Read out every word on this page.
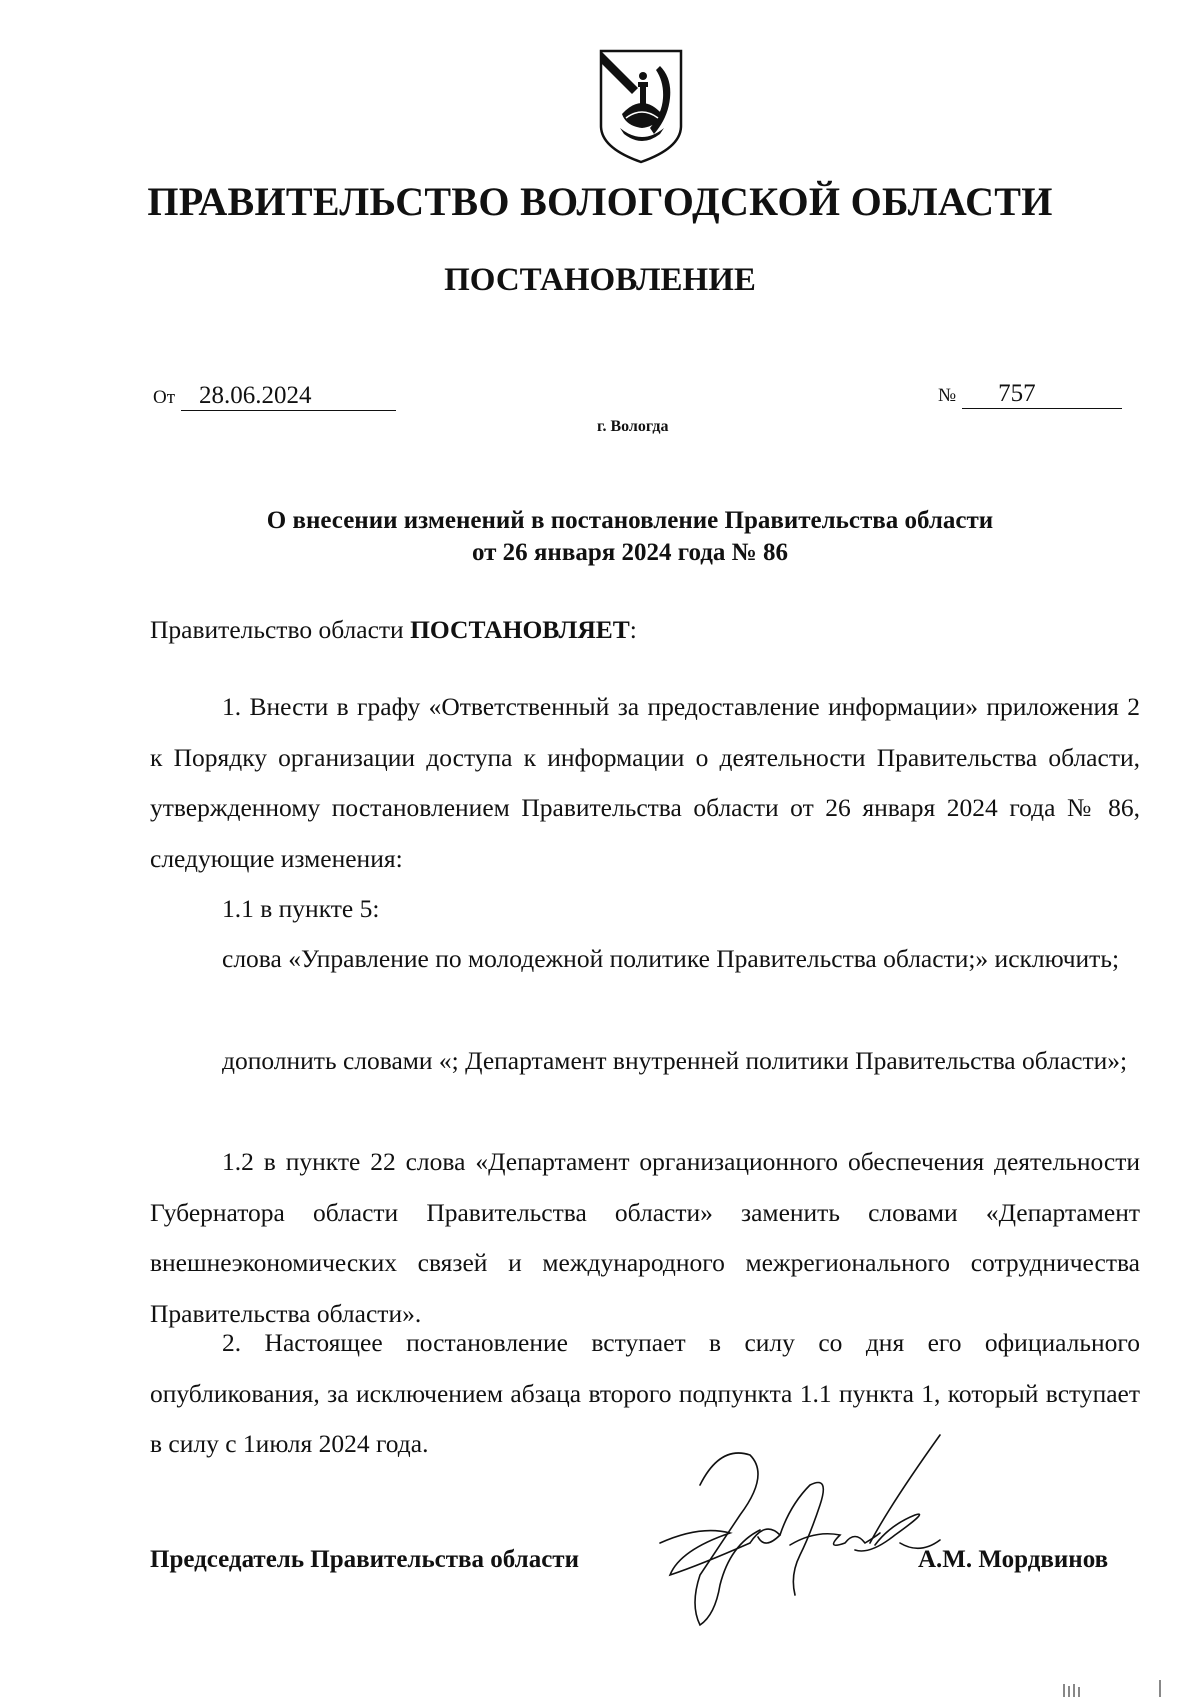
ПРАВИТЕЛЬСТВО ВОЛОГОДСКОЙ ОБЛАСТИ
ПОСТАНОВЛЕНИЕ
От 28.06.2024	№ 757
г. Вологда
О внесении изменений в постановление Правительства области
от 26 января 2024 года № 86
Правительство области ПОСТАНОВЛЯЕТ:
1. Внести в графу «Ответственный за предоставление информации» приложения 2 к Порядку организации доступа к информации о деятельности Правительства области, утвержденному постановлением Правительства области от 26 января 2024 года № 86, следующие изменения:
1.1 в пункте 5:
слова «Управление по молодежной политике Правительства области;» исключить;
дополнить словами «; Департамент внутренней политики Правительства области»;
1.2 в пункте 22 слова «Департамент организационного обеспечения деятельности Губернатора области Правительства области» заменить словами «Департамент внешнеэкономических связей и международного межрегионального сотрудничества Правительства области».
2. Настоящее постановление вступает в силу со дня его официального опубликования, за исключением абзаца второго подпункта 1.1 пункта 1, который вступает в силу с 1июля 2024 года.
Председатель Правительства области	А.М. Мордвинов
